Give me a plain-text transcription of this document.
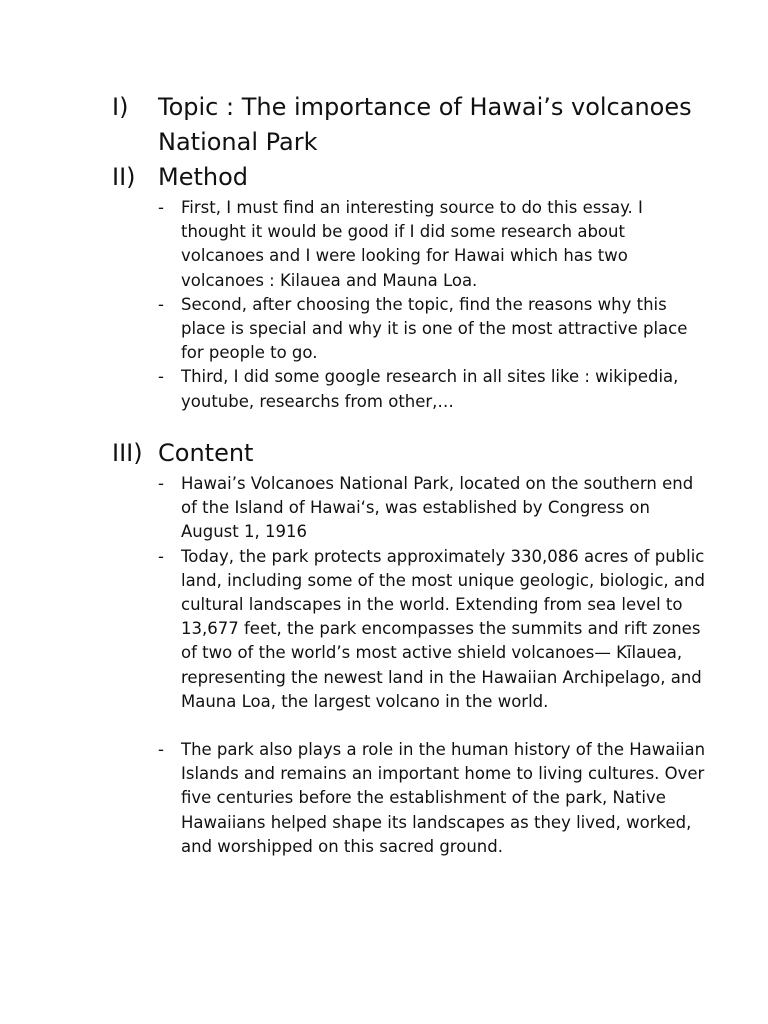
I)	Topic : The importance of Hawai’s volcanoes National Park
II) Method
-	First, I must find an interesting source to do this essay. I thought it would be good if I did some research about volcanoes and I were looking for Hawai which has two volcanoes : Kilauea and Mauna Loa.
-	Second, after choosing the topic, find the reasons why this place is special and why it is one of the most attractive place for people to go.
-	Third, I did some google research in all sites like : wikipedia, youtube, researchs from other,…
III) Content
-	Hawai’s Volcanoes National Park, located on the southern end of the Island of Hawai‘s, was established by Congress on August 1, 1916
-	Today, the park protects approximately 330,086 acres of public land, including some of the most unique geologic, biologic, and cultural landscapes in the world. Extending from sea level to 13,677 feet, the park encompasses the summits and rift zones of two of the world’s most active shield volcanoes— Kīlauea, representing the newest land in the Hawaiian Archipelago, and Mauna Loa, the largest volcano in the world.
-	The park also plays a role in the human history of the Hawaiian Islands and remains an important home to living cultures. Over five centuries before the establishment of the park, Native Hawaiians helped shape its landscapes as they lived, worked, and worshipped on this sacred ground.
